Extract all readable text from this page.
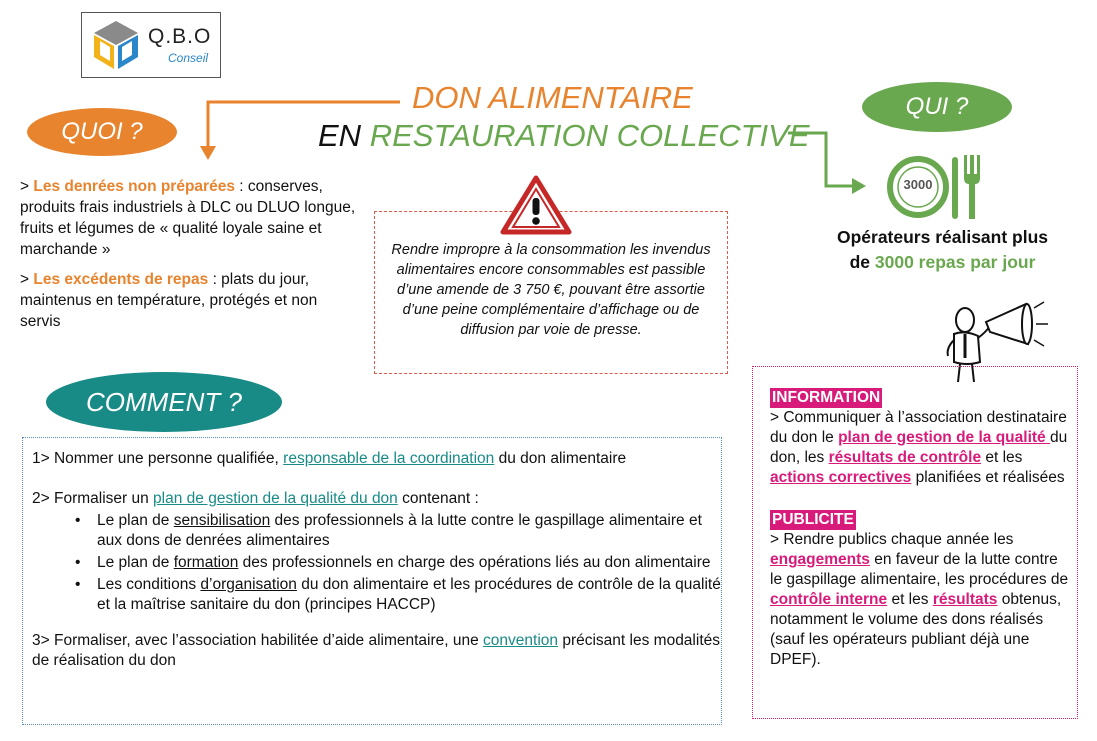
Q.B.O
Conseil
DON ALIMENTAIRE
EN RESTAURATION COLLECTIVE
QUOI ?

> Les denrées non préparées : conserves, produits frais industriels à DLC ou DLUO longue, fruits et légumes de « qualité loyale saine et marchande »

> Les excédents de repas : plats du jour, maintenus en température, protégés et non servis

Rendre impropre à la consommation les invendus alimentaires encore consommables est passible d’une amende de 3 750 €, pouvant être assortie d’une peine complémentaire d’affichage ou de diffusion par voie de presse.
QUI ?
3000
Opérateurs réalisant plus
de 3000 repas par jour
COMMENT ?

1> Nommer une personne qualifiée, responsable de la coordination du don alimentaire

2> Formaliser un plan de gestion de la qualité du don contenant :
• Le plan de sensibilisation des professionnels à la lutte contre le gaspillage alimentaire et aux dons de denrées alimentaires
• Le plan de formation des professionnels en charge des opérations liés au don alimentaire
• Les conditions d’organisation du don alimentaire et les procédures de contrôle de la qualité et la maîtrise sanitaire du don (principes HACCP)

3> Formaliser, avec l’association habilitée d’aide alimentaire, une convention précisant les modalités de réalisation du don

INFORMATION

> Communiquer à l’association destinataire du don le plan de gestion de la qualité du don, les résultats de contrôle et les actions correctives planifiées et réalisées

PUBLICITE

> Rendre publics chaque année les engagements en faveur de la lutte contre le gaspillage alimentaire, les procédures de contrôle interne et les résultats obtenus, notamment le volume des dons réalisés (sauf les opérateurs publiant déjà une DPEF).
